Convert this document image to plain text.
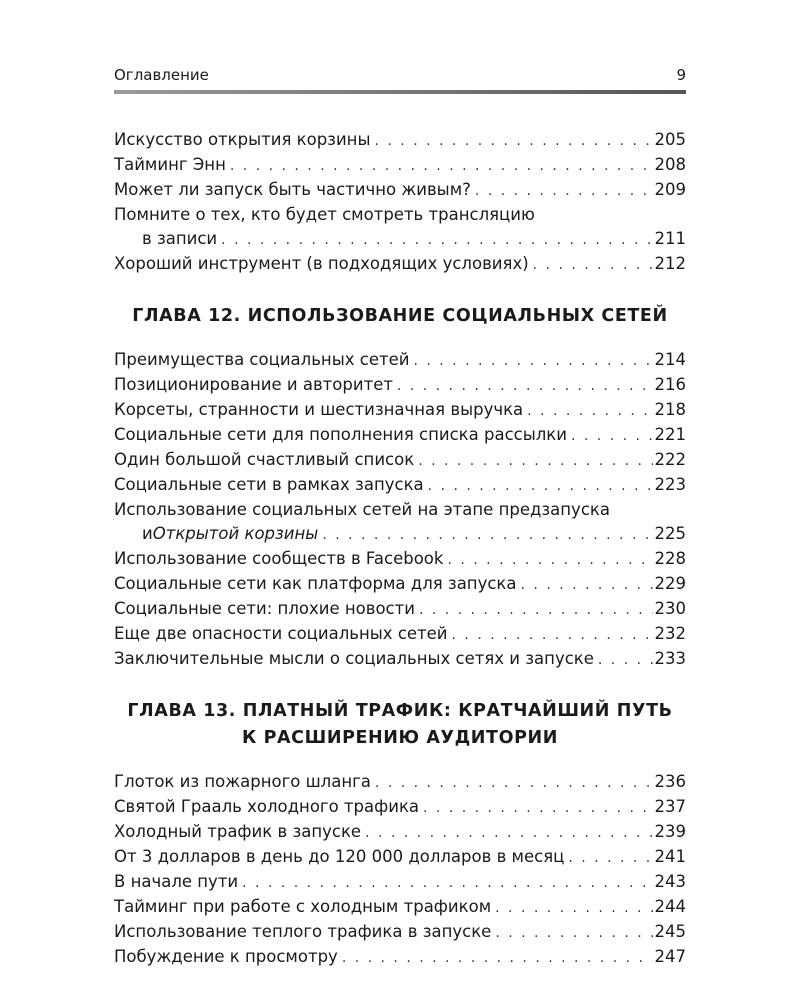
Оглавление	9
Искусство открытия корзины . . .	205
Тайминг Энн . . .	208
Может ли запуск быть частично живым? . . .	209
Помните о тех, кто будет смотреть трансляцию
в записи . . .	211
Хороший инструмент (в подходящих условиях) . . .	212
ГЛАВА 12. ИСПОЛЬЗОВАНИЕ СОЦИАЛЬНЫХ СЕТЕЙ
Преимущества социальных сетей . . .	214
Позиционирование и авторитет . . .	216
Корсеты, странности и шестизначная выручка . . .	218
Социальные сети для пополнения списка рассылки . . .	221
Один большой счастливый список . . .	222
Социальные сети в рамках запуска . . .	223
Использование социальных сетей на этапе предзапуска
и Открытой корзины . . .	225
Использование сообществ в Facebook . . .	228
Социальные сети как платформа для запуска . . .	229
Социальные сети: плохие новости . . .	230
Еще две опасности социальных сетей . . .	232
Заключительные мысли о социальных сетях и запуске . . .	233
ГЛАВА 13. ПЛАТНЫЙ ТРАФИК: КРАТЧАЙШИЙ ПУТЬ
К РАСШИРЕНИЮ АУДИТОРИИ
Глоток из пожарного шланга . . .	236
Святой Грааль холодного трафика . . .	237
Холодный трафик в запуске . . .	239
От 3 долларов в день до 120 000 долларов в месяц . . .	241
В начале пути . . .	243
Тайминг при работе с холодным трафиком . . .	244
Использование теплого трафика в запуске . . .	245
Побуждение к просмотру . . .	247
